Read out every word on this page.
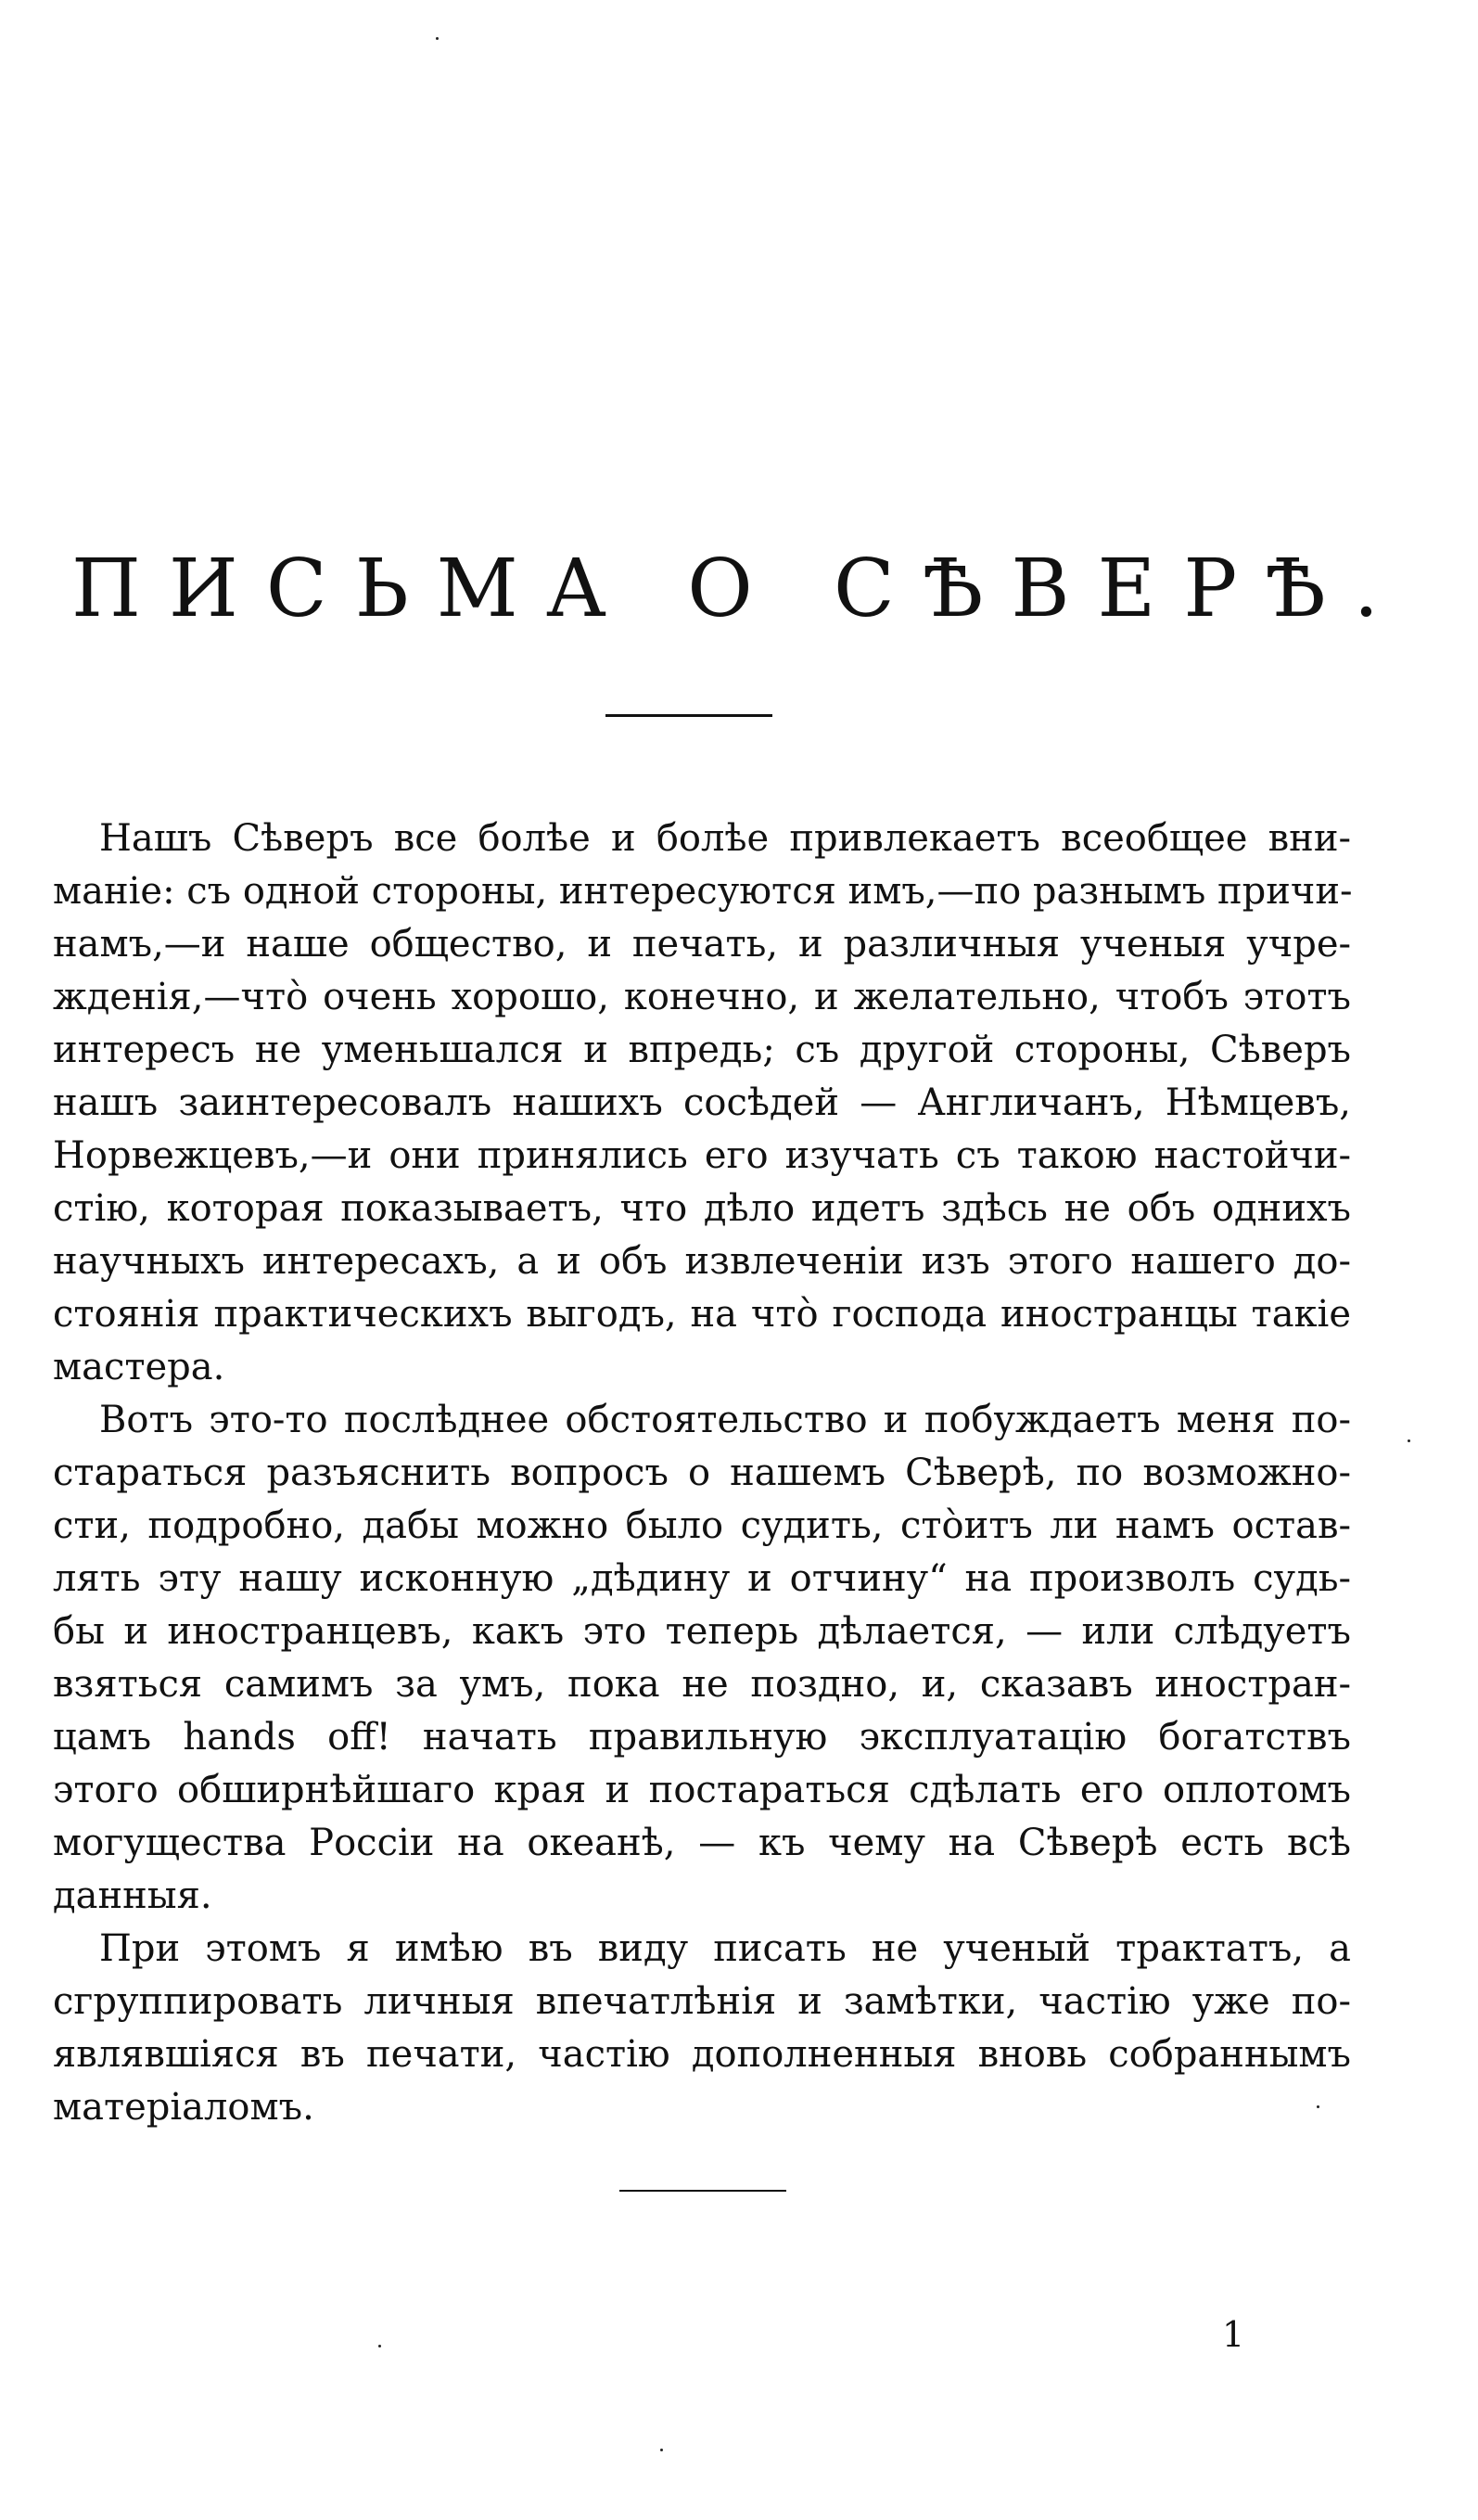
ПИСЬМА О СѢВЕРѢ.
Нашъ Сѣверъ все болѣе и болѣе привлекаетъ всеобщее вни-
маніе: съ одной стороны, интересуются имъ,—по разнымъ причи-
намъ,—и наше общество, и печать, и различныя ученыя учре-
жденія,—что̀ очень хорошо, конечно, и желательно, чтобъ этотъ
интересъ не уменьшался и впредь; съ другой стороны, Сѣверъ
нашъ заинтересовалъ нашихъ сосѣдей — Англичанъ, Нѣмцевъ,
Норвежцевъ,—и они принялись его изучать съ такою настойчи-
стію, которая показываетъ, что дѣло идетъ здѣсь не объ однихъ
научныхъ интересахъ, а и объ извлеченіи изъ этого нашего до-
стоянія практическихъ выгодъ, на что̀ господа иностранцы такіе
мастера.
Вотъ это-то послѣднее обстоятельство и побуждаетъ меня по-
стараться разъяснить вопросъ о нашемъ Сѣверѣ, по возможно-
сти, подробно, дабы можно было судить, сто̀итъ ли намъ остав-
лять эту нашу исконную „дѣдину и отчину“ на произволъ судь-
бы и иностранцевъ, какъ это теперь дѣлается, — или слѣдуетъ
взяться самимъ за умъ, пока не поздно, и, сказавъ иностран-
цамъ hands off! начать правильную эксплуатацію богатствъ
этого обширнѣйшаго края и постараться сдѣлать его оплотомъ
могущества Россіи на океанѣ, — къ чему на Сѣверѣ есть всѣ
данныя.
При этомъ я имѣю въ виду писать не ученый трактатъ, а
сгруппировать личныя впечатлѣнія и замѣтки, частію уже по-
являвшіяся въ печати, частію дополненныя вновь собраннымъ
матеріаломъ.

1
